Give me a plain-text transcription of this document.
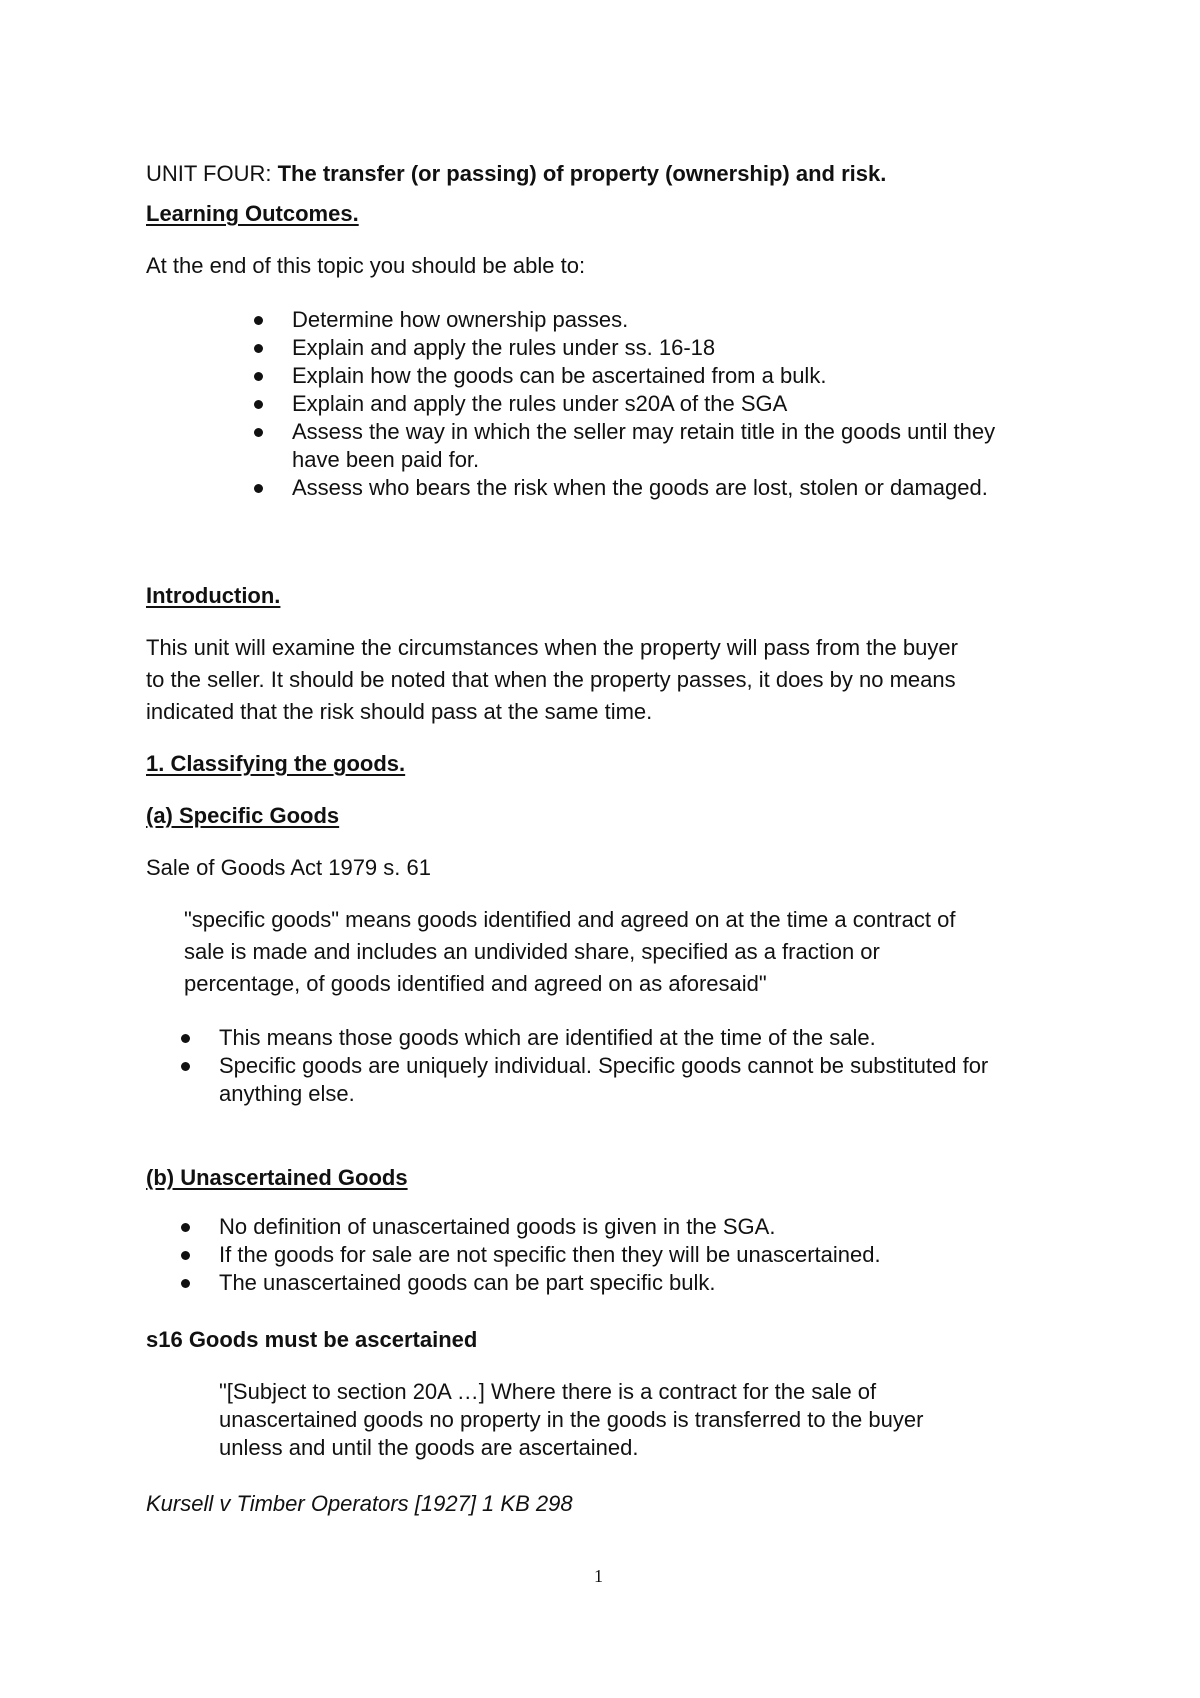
UNIT FOUR: The transfer (or passing) of property (ownership) and risk.

Learning Outcomes.

At the end of this topic you should be able to:

Determine how ownership passes.
Explain and apply the rules under ss. 16-18
Explain how the goods can be ascertained from a bulk.
Explain and apply the rules under s20A of the SGA
Assess the way in which the seller may retain title in the goods until they have been paid for.
Assess who bears the risk when the goods are lost, stolen or damaged.

Introduction.

This unit will examine the circumstances when the property will pass from the buyer
to the seller. It should be noted that when the property passes, it does by no means
indicated that the risk should pass at the same time.

1. Classifying the goods.

(a) Specific Goods

Sale of Goods Act 1979 s. 61

"specific goods" means goods identified and agreed on at the time a contract of
sale is made and includes an undivided share, specified as a fraction or
percentage, of goods identified and agreed on as aforesaid"
This means those goods which are identified at the time of the sale.
Specific goods are uniquely individual. Specific goods cannot be substituted for anything else.

(b) Unascertained Goods

No definition of unascertained goods is given in the SGA.
If the goods for sale are not specific then they will be unascertained.
The unascertained goods can be part specific bulk.

s16 Goods must be ascertained

"[Subject to section 20A …] Where there is a contract for the sale of
unascertained goods no property in the goods is transferred to the buyer
unless and until the goods are ascertained.

Kursell v Timber Operators [1927] 1 KB 298

1
